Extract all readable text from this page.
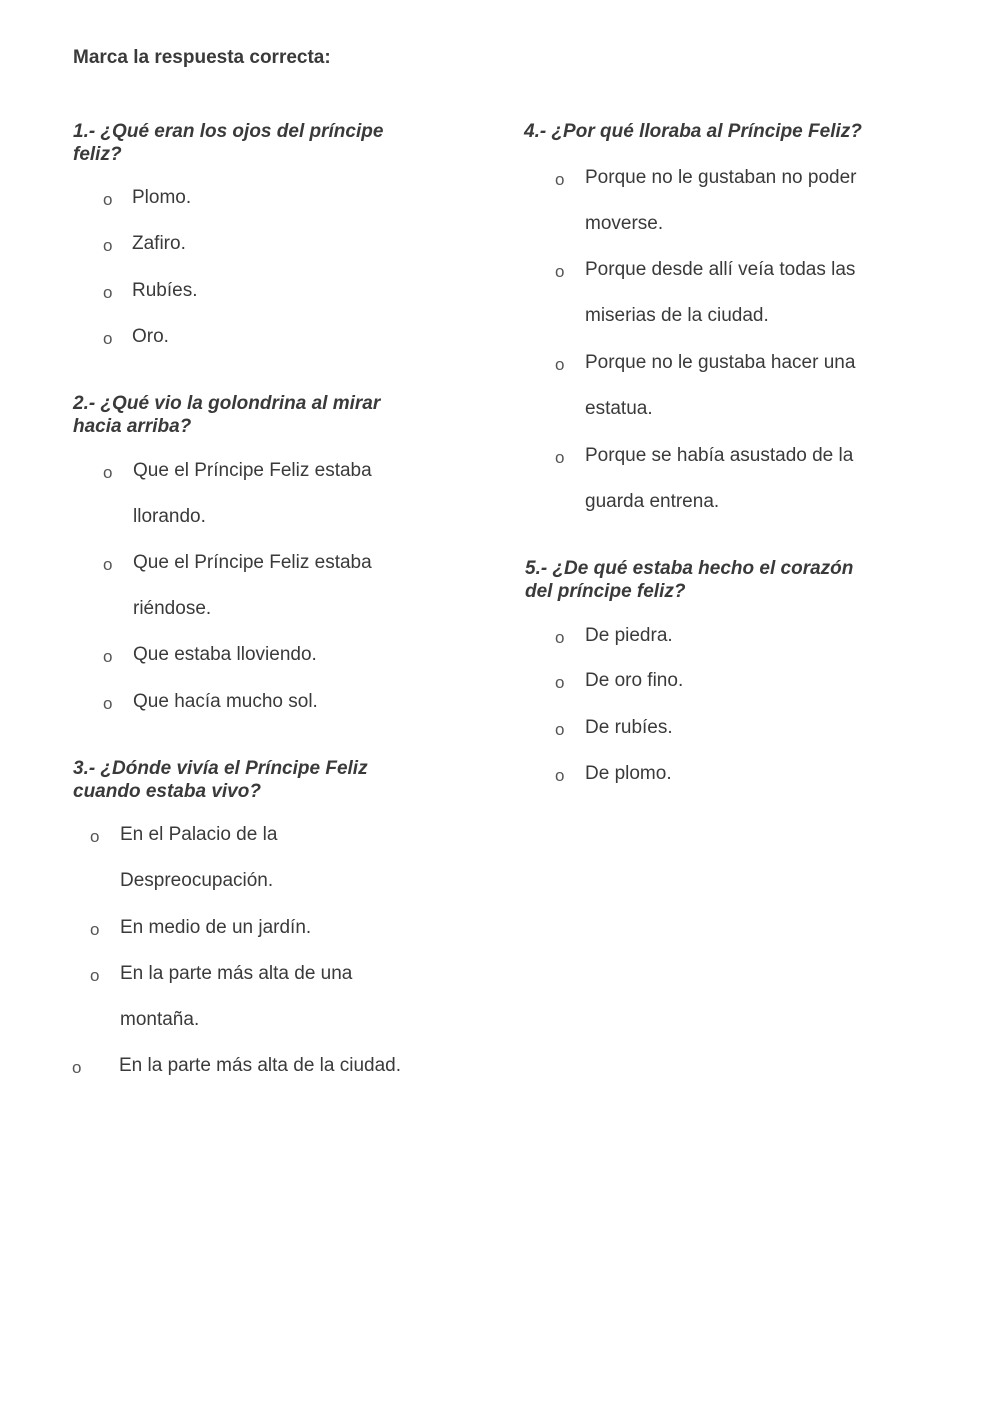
Marca la respuesta correcta:
1.- ¿Qué eran los ojos del príncipe
feliz?
o Plomo.
o Zafiro.
o Rubíes.
o Oro.
2.- ¿Qué vio la golondrina al mirar
hacia arriba?
o Que el Príncipe Feliz estaba
llorando.
o Que el Príncipe Feliz estaba
riéndose.
o Que estaba lloviendo.
o Que hacía mucho sol.
3.- ¿Dónde vivía el Príncipe Feliz
cuando estaba vivo?
o En el Palacio de la
Despreocupación.
o En medio de un jardín.
o En la parte más alta de una
montaña.
o En la parte más alta de la ciudad.
4.- ¿Por qué lloraba al Príncipe Feliz?
o Porque no le gustaban no poder
moverse.
o Porque desde allí veía todas las
miserias de la ciudad.
o Porque no le gustaba hacer una
estatua.
o Porque se había asustado de la
guarda entrena.
5.- ¿De qué estaba hecho el corazón
del príncipe feliz?
o De piedra.
o De oro fino.
o De rubíes.
o De plomo.
